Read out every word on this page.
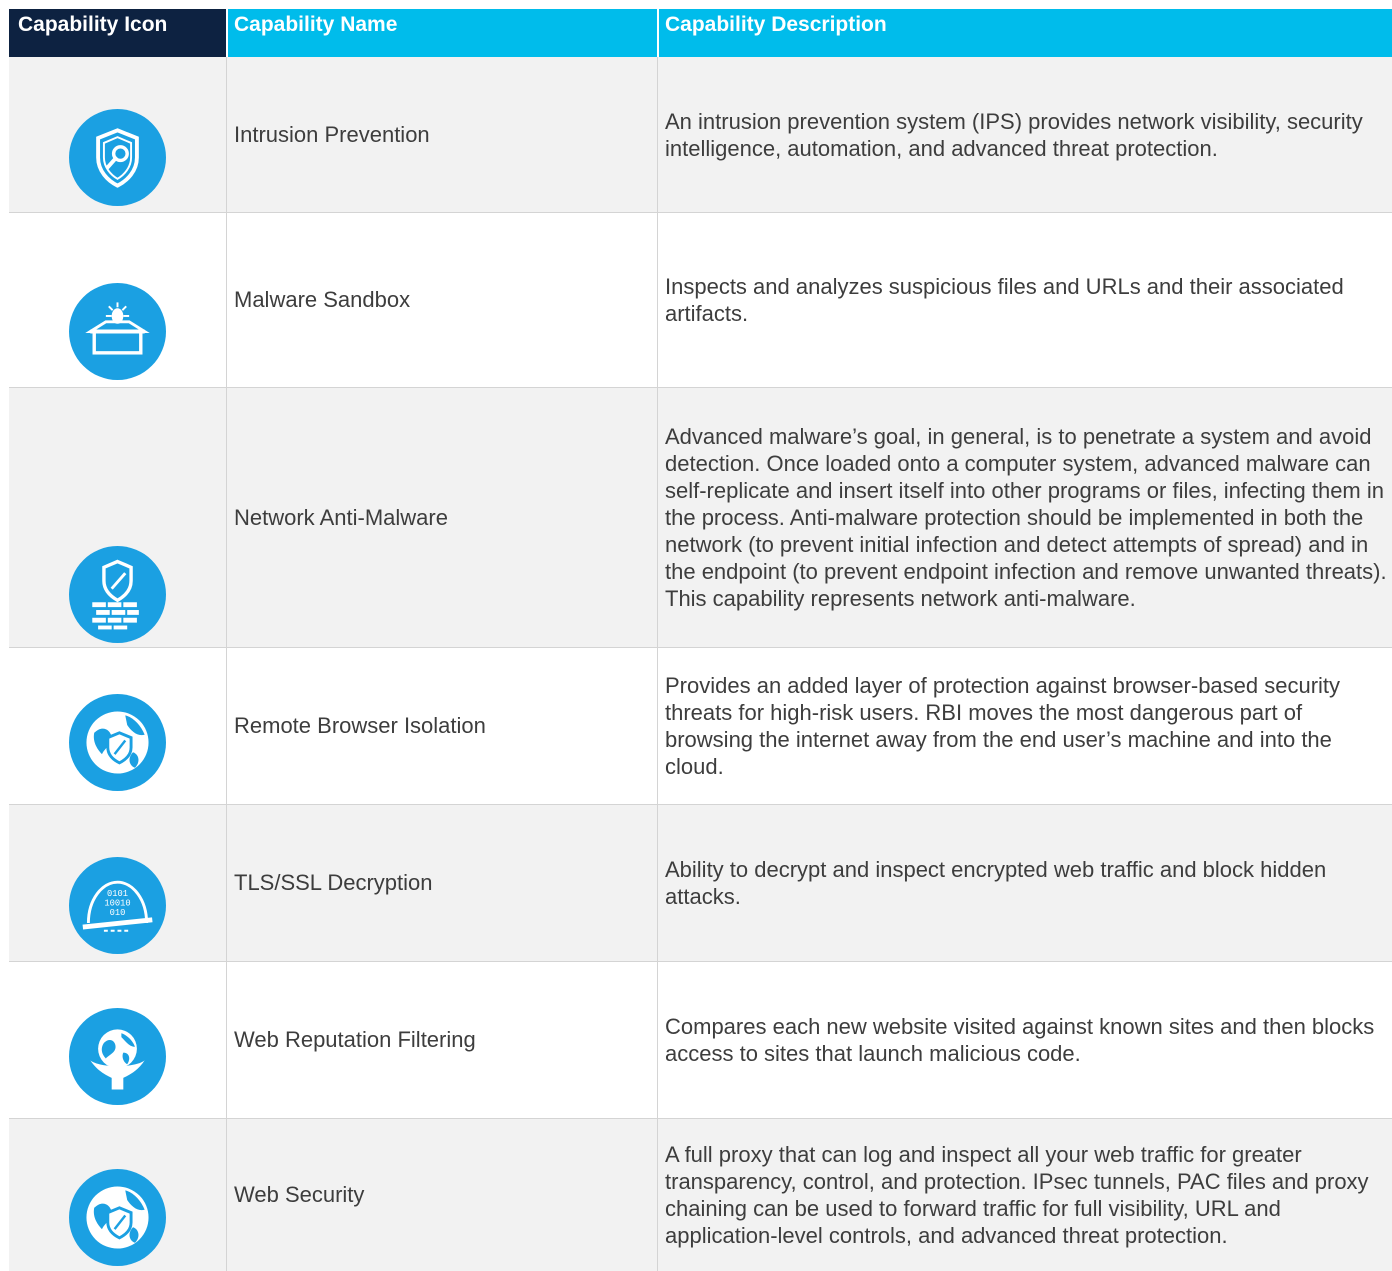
Capability Icon	Capability Name	Capability Description
Intrusion Prevention
An intrusion prevention system (IPS) provides network visibility, security intelligence, automation, and advanced threat protection.
Malware Sandbox
Inspects and analyzes suspicious files and URLs and their associated artifacts.
Network Anti-Malware
Advanced malware’s goal, in general, is to penetrate a system and avoid detection. Once loaded onto a computer system, advanced malware can self-replicate and insert itself into other programs or files, infecting them in the process. Anti-malware protection should be implemented in both the network (to prevent initial infection and detect attempts of spread) and in the endpoint (to prevent endpoint infection and remove unwanted threats). This capability represents network anti-malware.
Remote Browser Isolation
Provides an added layer of protection against browser-based security threats for high-risk users. RBI moves the most dangerous part of browsing the internet away from the end user’s machine and into the cloud.
0101
10010
010
TLS/SSL Decryption
Ability to decrypt and inspect encrypted web traffic and block hidden attacks.
Web Reputation Filtering
Compares each new website visited against known sites and then blocks access to sites that launch malicious code.
Web Security
A full proxy that can log and inspect all your web traffic for greater transparency, control, and protection. IPsec tunnels, PAC files and proxy chaining can be used to forward traffic for full visibility, URL and application-level controls, and advanced threat protection.
